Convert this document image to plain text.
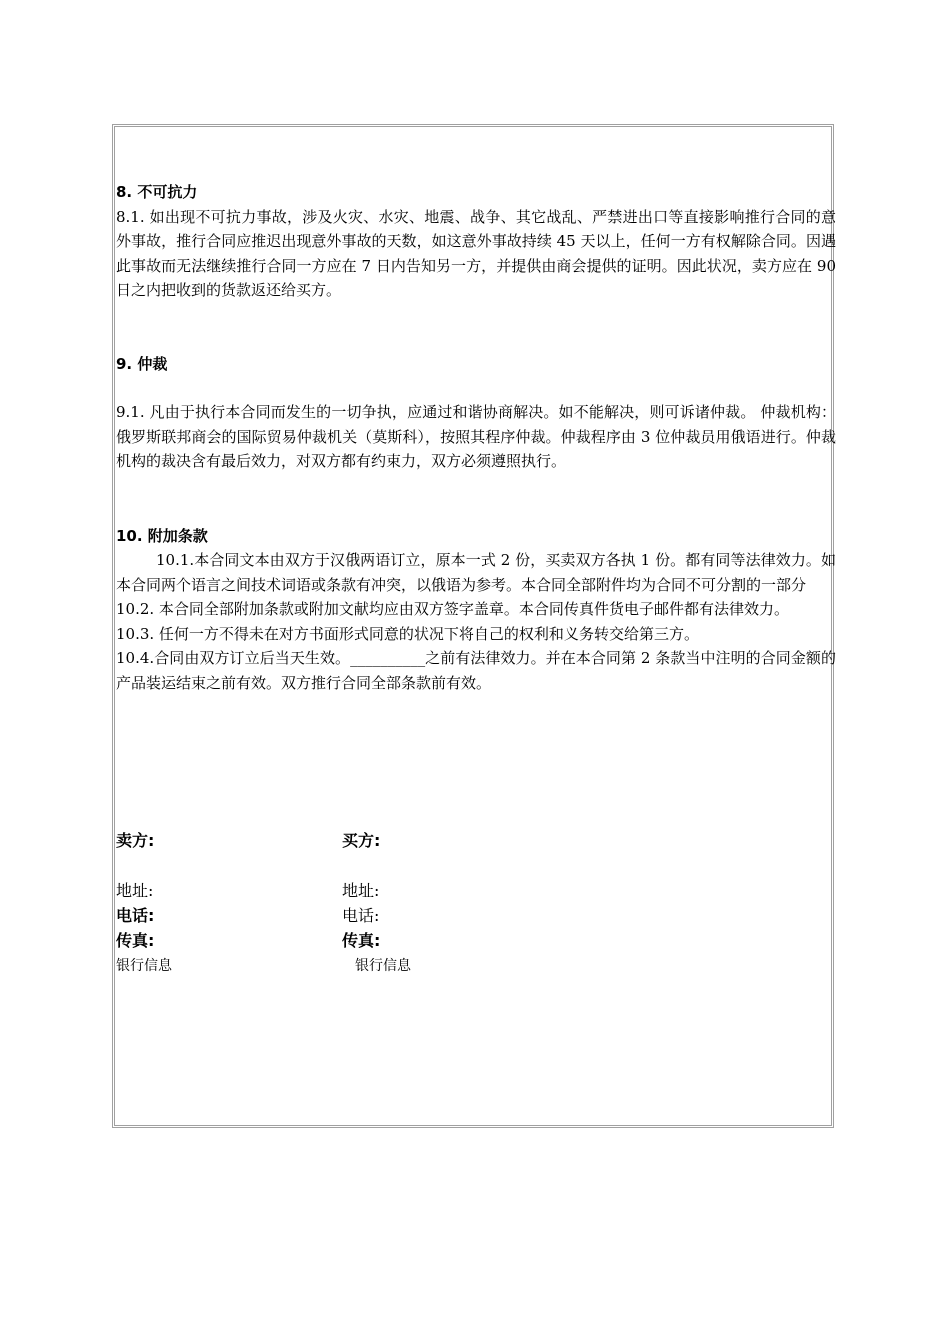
8. 不可抗力

8.1. 如出现不可抗力事故，涉及火灾、水灾、地震、战争、其它战乱、严禁进出口等直接影响推行合同的意外事故，推行合同应推迟出现意外事故的天数，如这意外事故持续 45 天以上，任何一方有权解除合同。因遇此事故而无法继续推行合同一方应在 7 日内告知另一方，并提供由商会提供的证明。因此状况，卖方应在 90 日之内把收到的货款返还给买方。

9. 仲裁

9.1. 凡由于执行本合同而发生的一切争执，应通过和谐协商解决。如不能解决，则可诉诸仲裁。 仲裁机构：俄罗斯联邦商会的国际贸易仲裁机关（莫斯科），按照其程序仲裁。仲裁程序由 3 位仲裁员用俄语进行。仲裁机构的裁决含有最后效力，对双方都有约束力，双方必须遵照执行。

10. 附加条款

10.1.本合同文本由双方于汉俄两语订立，原本一式 2 份，买卖双方各执 1 份。都有同等法律效力。如本合同两个语言之间技术词语或条款有冲突，以俄语为参考。本合同全部附件均为合同不可分割的一部分

10.2. 本合同全部附加条款或附加文献均应由双方签字盖章。本合同传真件货电子邮件都有法律效力。

10.3. 任何一方不得未在对方书面形式同意的状况下将自己的权利和义务转交给第三方。

10.4.合同由双方订立后当天生效。__________之前有法律效力。并在本合同第 2 条款当中注明的合同金额的产品装运结束之前有效。双方推行合同全部条款前有效。

卖方:	买方:
地址:	地址:
电话:	电话:
传真:	传真:
银行信息	银行信息
